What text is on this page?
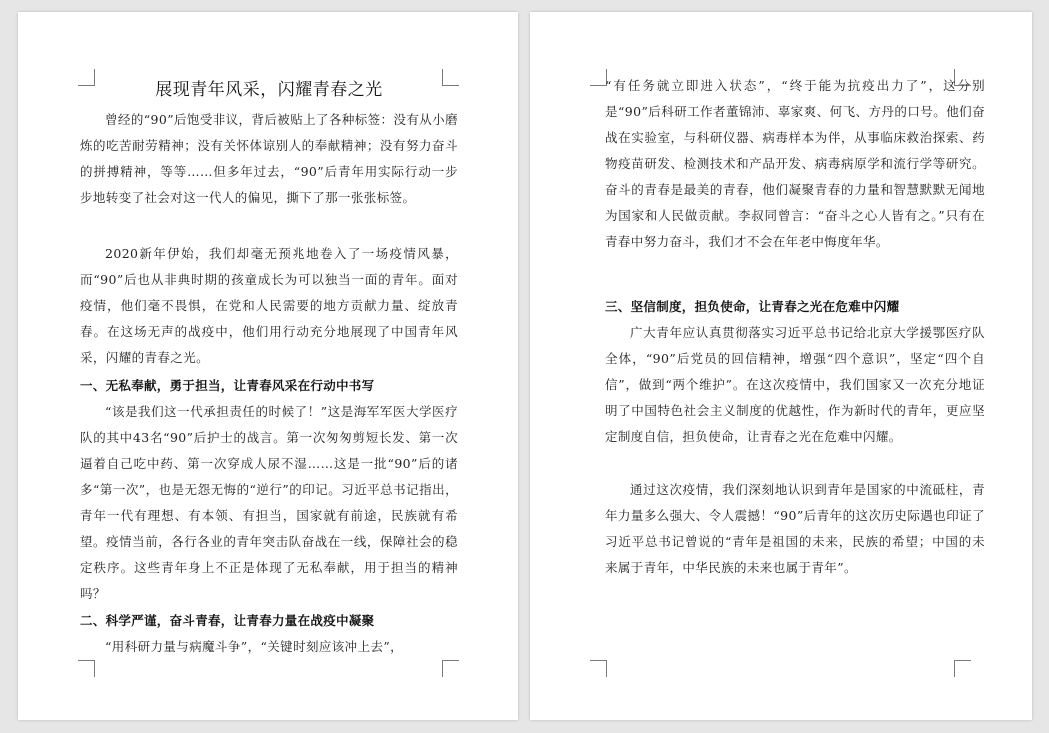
展现青年风采，闪耀青春之光

曾经的“90”后饱受非议，背后被贴上了各种标签：没有从小磨炼的吃苦耐劳精神；没有关怀体谅别人的奉献精神；没有努力奋斗的拼搏精神，等等……但多年过去，“90”后青年用实际行动一步步地转变了社会对这一代人的偏见，撕下了那一张张标签。

2020新年伊始，我们却毫无预兆地卷入了一场疫情风暴，而“90”后也从非典时期的孩童成长为可以独当一面的青年。面对疫情，他们毫不畏惧，在党和人民需要的地方贡献力量、绽放青春。在这场无声的战疫中，他们用行动充分地展现了中国青年风采，闪耀的青春之光。

一、无私奉献，勇于担当，让青春风采在行动中书写

“该是我们这一代承担责任的时候了！”这是海军军医大学医疗队的其中43名“90”后护士的战言。第一次匆匆剪短长发、第一次逼着自己吃中药、第一次穿成人尿不湿……这是一批“90”后的诸多“第一次”，也是无怨无悔的“逆行”的印记。习近平总书记指出，青年一代有理想、有本领、有担当，国家就有前途，民族就有希望。疫情当前，各行各业的青年突击队奋战在一线，保障社会的稳定秩序。这些青年身上不正是体现了无私奉献，用于担当的精神吗？

二、科学严谨，奋斗青春，让青春力量在战疫中凝聚

“用科研力量与病魔斗争”，“关键时刻应该冲上去”，

“有任务就立即进入状态”，“终于能为抗疫出力了”，这分别是“90”后科研工作者董锦沛、辜家爽、何飞、方丹的口号。他们奋战在实验室，与科研仪器、病毒样本为伴，从事临床救治探索、药物疫苗研发、检测技术和产品开发、病毒病原学和流行学等研究。奋斗的青春是最美的青春，他们凝聚青春的力量和智慧默默无闻地为国家和人民做贡献。李叔同曾言：“奋斗之心人皆有之。”只有在青春中努力奋斗，我们才不会在年老中悔度年华。

三、坚信制度，担负使命，让青春之光在危难中闪耀

广大青年应认真贯彻落实习近平总书记给北京大学援鄂医疗队全体，“90”后党员的回信精神，增强“四个意识”，坚定“四个自信”，做到“两个维护”。在这次疫情中，我们国家又一次充分地证明了中国特色社会主义制度的优越性，作为新时代的青年，更应坚定制度自信，担负使命，让青春之光在危难中闪耀。

通过这次疫情，我们深刻地认识到青年是国家的中流砥柱，青年力量多么强大、令人震撼！“90”后青年的这次历史际遇也印证了习近平总书记曾说的“青年是祖国的未来，民族的希望；中国的未来属于青年，中华民族的未来也属于青年”。
